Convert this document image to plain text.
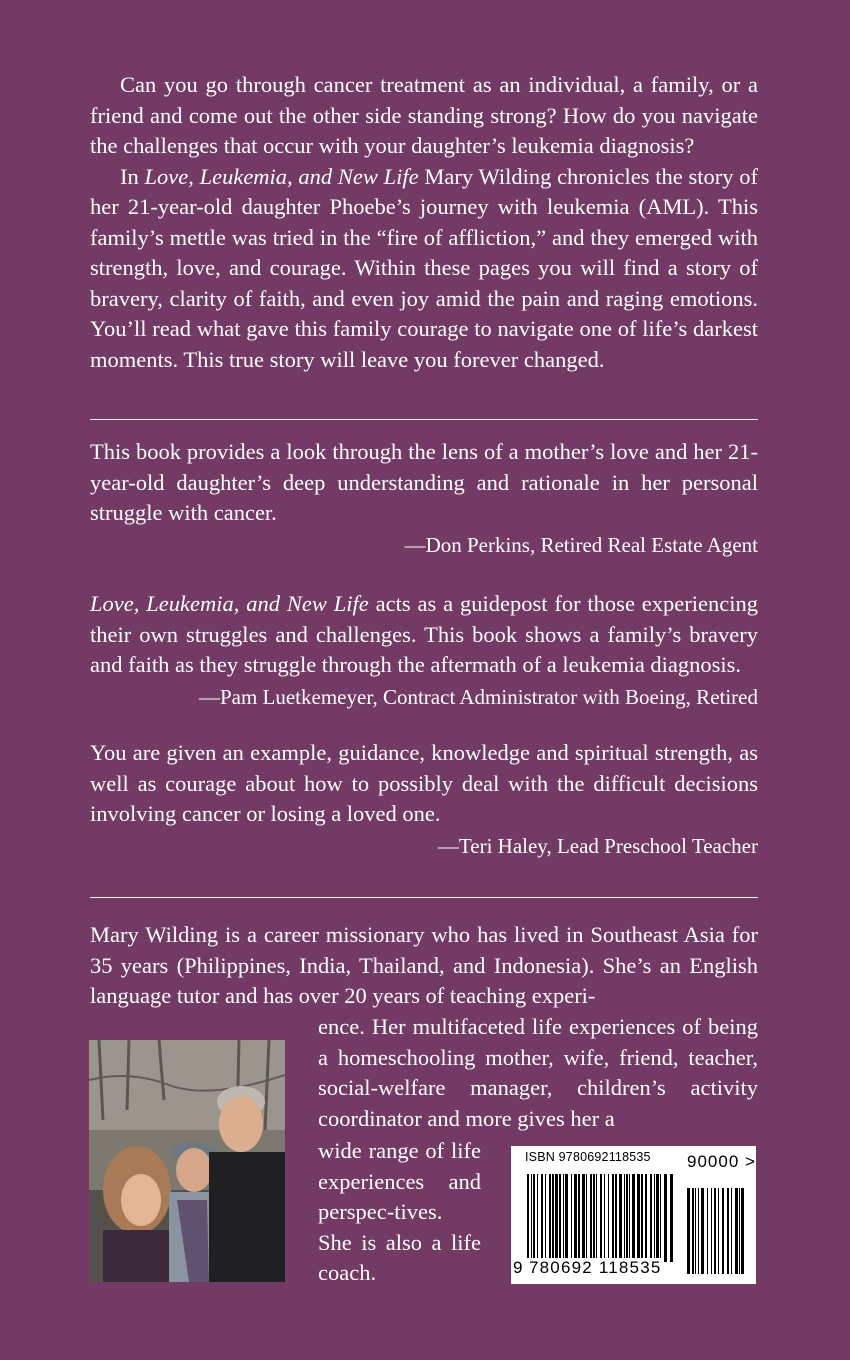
Can you go through cancer treatment as an individual, a family, or a friend and come out the other side standing strong? How do you navigate the challenges that occur with your daughter’s leukemia diagnosis?

In Love, Leukemia, and New Life Mary Wilding chronicles the story of her 21-year-old daughter Phoebe’s journey with leukemia (AML). This family’s mettle was tried in the “fire of affliction,” and they emerged with strength, love, and courage. Within these pages you will find a story of bravery, clarity of faith, and even joy amid the pain and raging emotions. You’ll read what gave this family courage to navigate one of life’s darkest moments. This true story will leave you forever changed.

This book provides a look through the lens of a mother’s love and her 21-year-old daughter’s deep understanding and rationale in her personal struggle with cancer.

—Don Perkins, Retired Real Estate Agent

Love, Leukemia, and New Life acts as a guidepost for those experiencing their own struggles and challenges. This book shows a family’s bravery and faith as they struggle through the aftermath of a leukemia diagnosis.

—Pam Luetkemeyer, Contract Administrator with Boeing, Retired

You are given an example, guidance, knowledge and spiritual strength, as well as courage about how to possibly deal with the difficult decisions involving cancer or losing a loved one.

—Teri Haley, Lead Preschool Teacher

Mary Wilding is a career missionary who has lived in Southeast Asia for 35 years (Philippines, India, Thailand, and Indonesia). She’s an English language tutor and has over 20 years of teaching experi-

ence. Her multifaceted life experiences of being a homeschooling mother, wife, friend, teacher, social-welfare manager, children’s activity coordinator and more gives her a

wide range of life experiences and perspec-tives. She is also a life coach.

ISBN 9780692118535 90000 >
9 780692 118535
